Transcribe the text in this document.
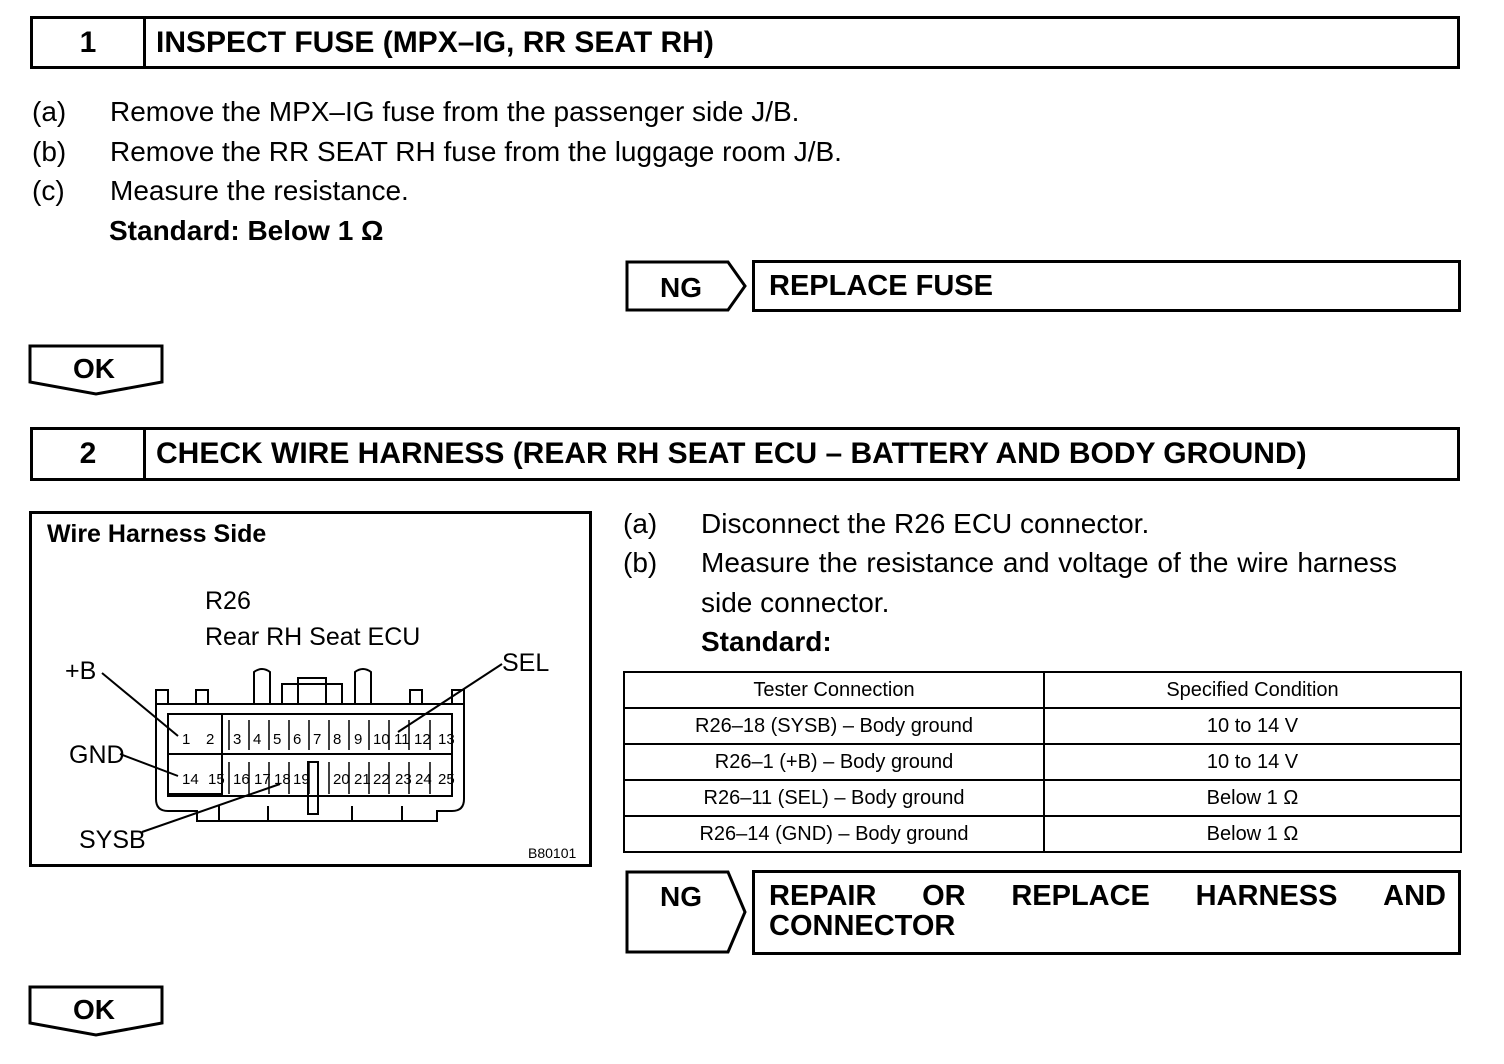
1	INSPECT FUSE (MPX–IG, RR SEAT RH)
(a) Remove the MPX–IG fuse from the passenger side J/B.
(b) Remove the RR SEAT RH fuse from the luggage room J/B.
(c) Measure the resistance.
Standard: Below 1 Ω
NG	REPLACE FUSE
OK
2	CHECK WIRE HARNESS (REAR RH SEAT ECU – BATTERY AND BODY GROUND)
Wire Harness Side
R26
Rear RH Seat ECU
+B
GND
SEL
SYSB	B80101
1 2 3 4 5 6 7 8 9 10 11 12 13
14 15 16 17 18 19 20 21 22 23 24 25
(a) Disconnect the R26 ECU connector.
(b) Measure the resistance and voltage of the wire harness
side connector.
Standard:
Tester Connection	Specified Condition
R26–18 (SYSB) – Body ground	10 to 14 V
R26–1 (+B) – Body ground	10 to 14 V
R26–11 (SEL) – Body ground	Below 1 Ω
R26–14 (GND) – Body ground	Below 1 Ω
NG REPAIR OR REPLACE HARNESS AND
CONNECTOR
OK
